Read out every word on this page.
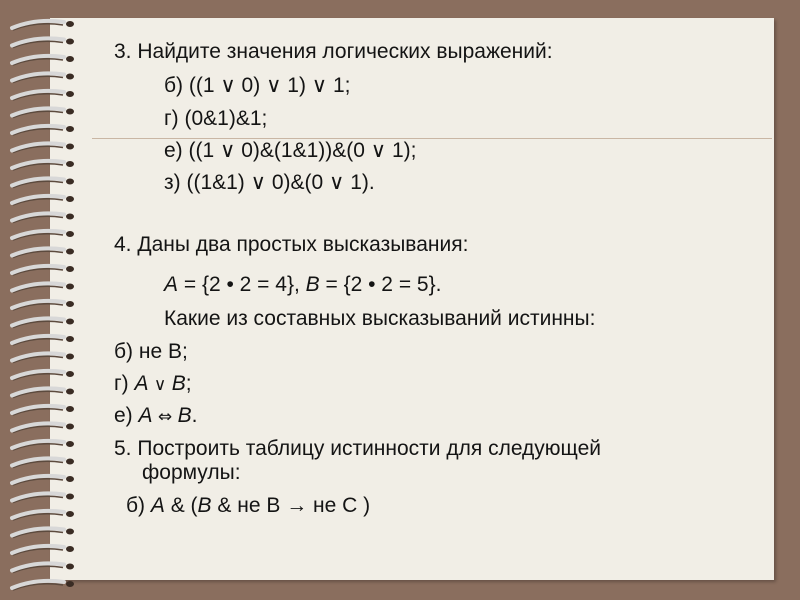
3. Найдите значения логических выражений:
б) ((1 ∨ 0) ∨ 1) ∨ 1;
г) (0&1)&1;
е) ((1 ∨ 0)&(1&1))&(0 ∨ 1);
з) ((1&1) ∨ 0)&(0 ∨ 1).
4. Даны два простых высказывания:
A = {2 • 2 = 4}, B = {2 • 2 = 5}.
Какие из составных высказываний истинны:
б) не B;
г) A ∨ B;
е) A ⇔ B.
5. Построить таблицу истинности для следующей
формулы:
б) A & (B & не B → не C )
